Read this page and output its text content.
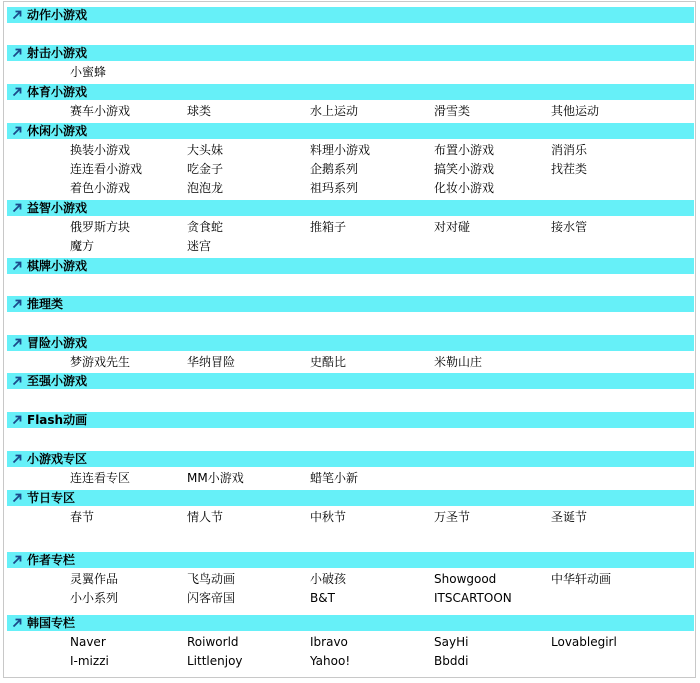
动作小游戏
射击小游戏
小蜜蜂
体育小游戏
赛车小游戏	球类	水上运动	滑雪类	其他运动
休闲小游戏
换装小游戏	大头妹	料理小游戏	布置小游戏	消消乐
连连看小游戏	吃金子	企鹅系列	搞笑小游戏	找茬类
着色小游戏	泡泡龙	祖玛系列	化妆小游戏
益智小游戏
俄罗斯方块	贪食蛇	推箱子	对对碰	接水管
魔方	迷宫
棋牌小游戏
推理类
冒险小游戏
梦游戏先生	华纳冒险	史酷比	米勒山庄
至强小游戏
Flash动画
小游戏专区
连连看专区	MM小游戏	蜡笔小新
节日专区
春节	情人节	中秋节	万圣节	圣诞节
作者专栏
灵翼作品	飞鸟动画	小破孩	Showgood	中华轩动画
小小系列	闪客帝国	B&T	ITSCARTOON
韩国专栏
Naver	Roiworld	Ibravo	SayHi	Lovablegirl
I-mizzi	Littlenjoy	Yahoo!	Bbddi
